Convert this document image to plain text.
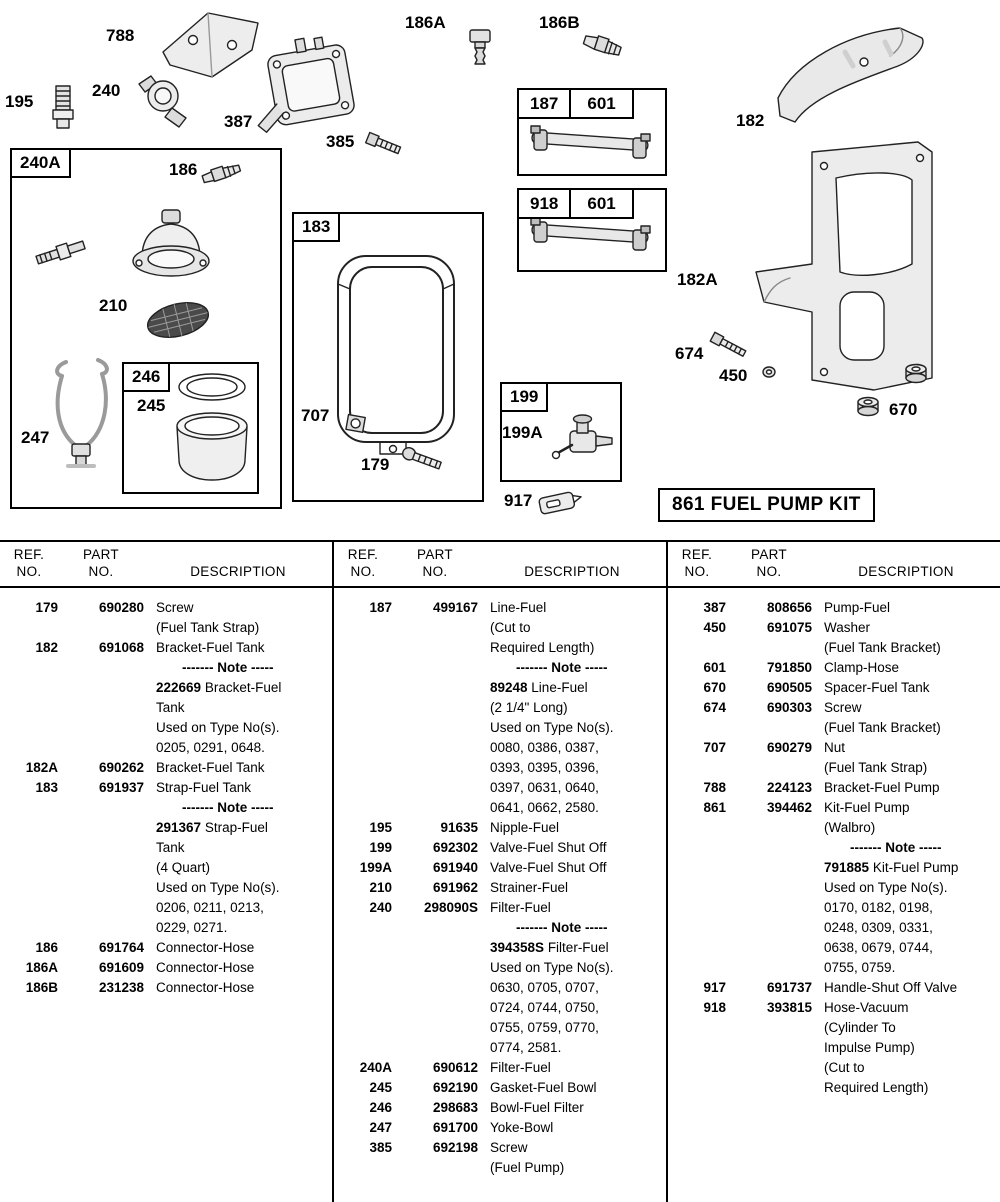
187	601
918	601
861 FUEL PUMP KIT
788
195
240
387
385
186A	186B
182
240A	186
210
246
245
247
183
707
179
182A
674
450
670
199
199A
917
REF.
NO.
PART
NO.	DESCRIPTION
179	690280 Screw
(Fuel Tank Strap)
182	691068 Bracket-Fuel Tank
------- Note -----
222669 Bracket-Fuel
Tank
Used on Type No(s).
0205, 0291, 0648.
182A	690262 Bracket-Fuel Tank
183	691937 Strap-Fuel Tank
------- Note -----
291367 Strap-Fuel
Tank
(4 Quart)
Used on Type No(s).
0206, 0211, 0213,
0229, 0271.
186	691764 Connector-Hose
186A	691609 Connector-Hose
186B	231238 Connector-Hose
REF.
NO.
PART
NO.	DESCRIPTION
187	499167 Line-Fuel
(Cut to
Required Length)
------- Note -----
89248 Line-Fuel
(2 1/4" Long)
Used on Type No(s).
0080, 0386, 0387,
0393, 0395, 0396,
0397, 0631, 0640,
0641, 0662, 2580.
195	91635 Nipple-Fuel
199	692302 Valve-Fuel Shut Off
199A	691940 Valve-Fuel Shut Off
210	691962 Strainer-Fuel
240	298090S Filter-Fuel
------- Note -----
394358S Filter-Fuel
Used on Type No(s).
0630, 0705, 0707,
0724, 0744, 0750,
0755, 0759, 0770,
0774, 2581.
240A	690612 Filter-Fuel
245	692190 Gasket-Fuel Bowl
246	298683 Bowl-Fuel Filter
247	691700 Yoke-Bowl
385	692198 Screw
(Fuel Pump)
REF.
NO.
PART
NO.	DESCRIPTION
387	808656 Pump-Fuel
450	691075 Washer
(Fuel Tank Bracket)
601	791850 Clamp-Hose
670	690505 Spacer-Fuel Tank
674	690303 Screw
(Fuel Tank Bracket)
707	690279 Nut
(Fuel Tank Strap)
788	224123 Bracket-Fuel Pump
861	394462 Kit-Fuel Pump
(Walbro)
------- Note -----
791885 Kit-Fuel Pump
Used on Type No(s).
0170, 0182, 0198,
0248, 0309, 0331,
0638, 0679, 0744,
0755, 0759.
917	691737 Handle-Shut Off Valve
918	393815 Hose-Vacuum
(Cylinder To
Impulse Pump)
(Cut to
Required Length)
